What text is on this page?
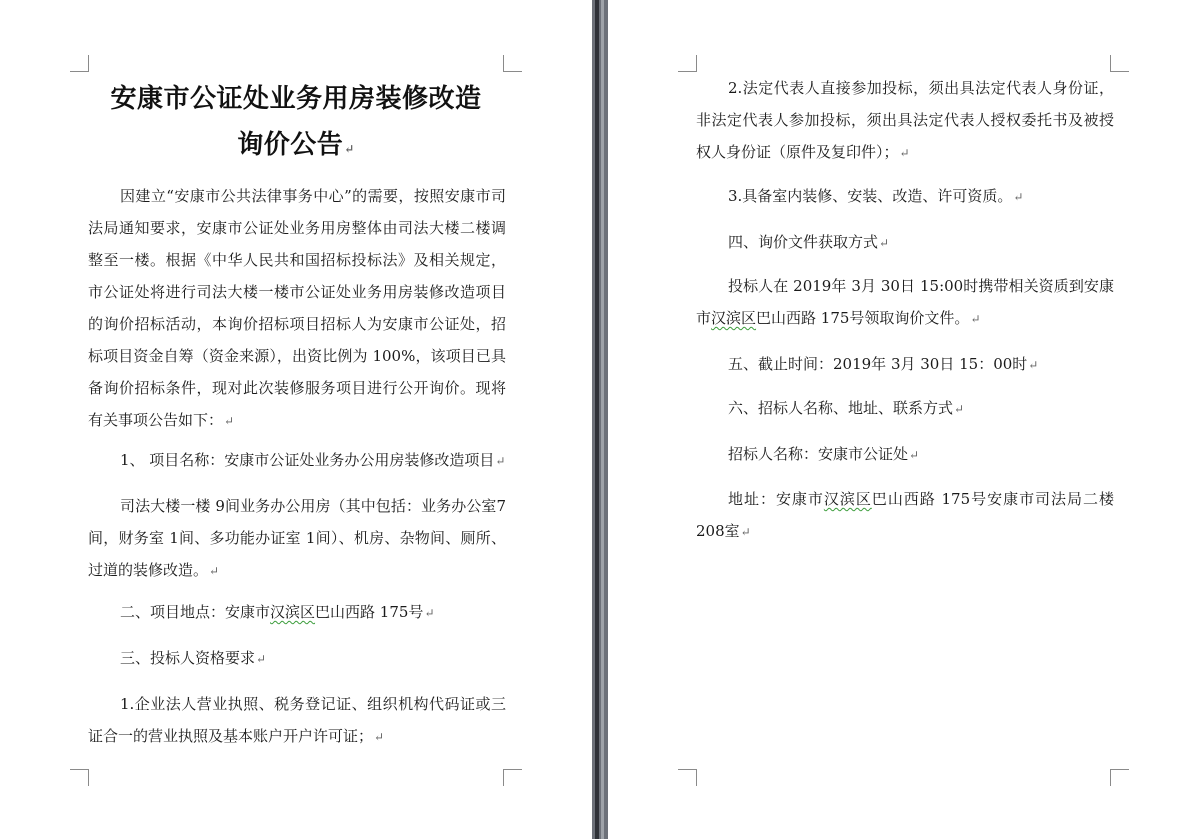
安康市公证处业务用房装修改造
询价公告↵
因建立“安康市公共法律事务中心”的需要，按照安康市司法局通知要求，安康市公证处业务用房整体由司法大楼二楼调整至一楼。根据《中华人民共和国招标投标法》及相关规定，市公证处将进行司法大楼一楼市公证处业务用房装修改造项目的询价招标活动，本询价招标项目招标人为安康市公证处，招标项目资金自筹（资金来源），出资比例为 100%，该项目已具备询价招标条件，现对此次装修服务项目进行公开询价。现将有关事项公告如下：↵
1、 项目名称：安康市公证处业务办公用房装修改造项目↵
司法大楼一楼 9间业务办公用房（其中包括：业务办公室7间，财务室 1间、多功能办证室 1间）、机房、杂物间、厕所、过道的装修改造。↵
二、项目地点：安康市汉滨区巴山西路 175号↵
三、投标人资格要求↵
1.企业法人营业执照、税务登记证、组织机构代码证或三证合一的营业执照及基本账户开户许可证；↵
2.法定代表人直接参加投标，须出具法定代表人身份证，非法定代表人参加投标，须出具法定代表人授权委托书及被授权人身份证（原件及复印件）；↵
3.具备室内装修、安装、改造、许可资质。↵
四、询价文件获取方式↵
投标人在 2019年 3月 30日 15:00时携带相关资质到安康市汉滨区巴山西路 175号领取询价文件。↵
五、截止时间：2019年 3月 30日 15：00时↵
六、招标人名称、地址、联系方式↵
招标人名称：安康市公证处↵
地址：安康市汉滨区巴山西路 175号安康市司法局二楼 208室↵
